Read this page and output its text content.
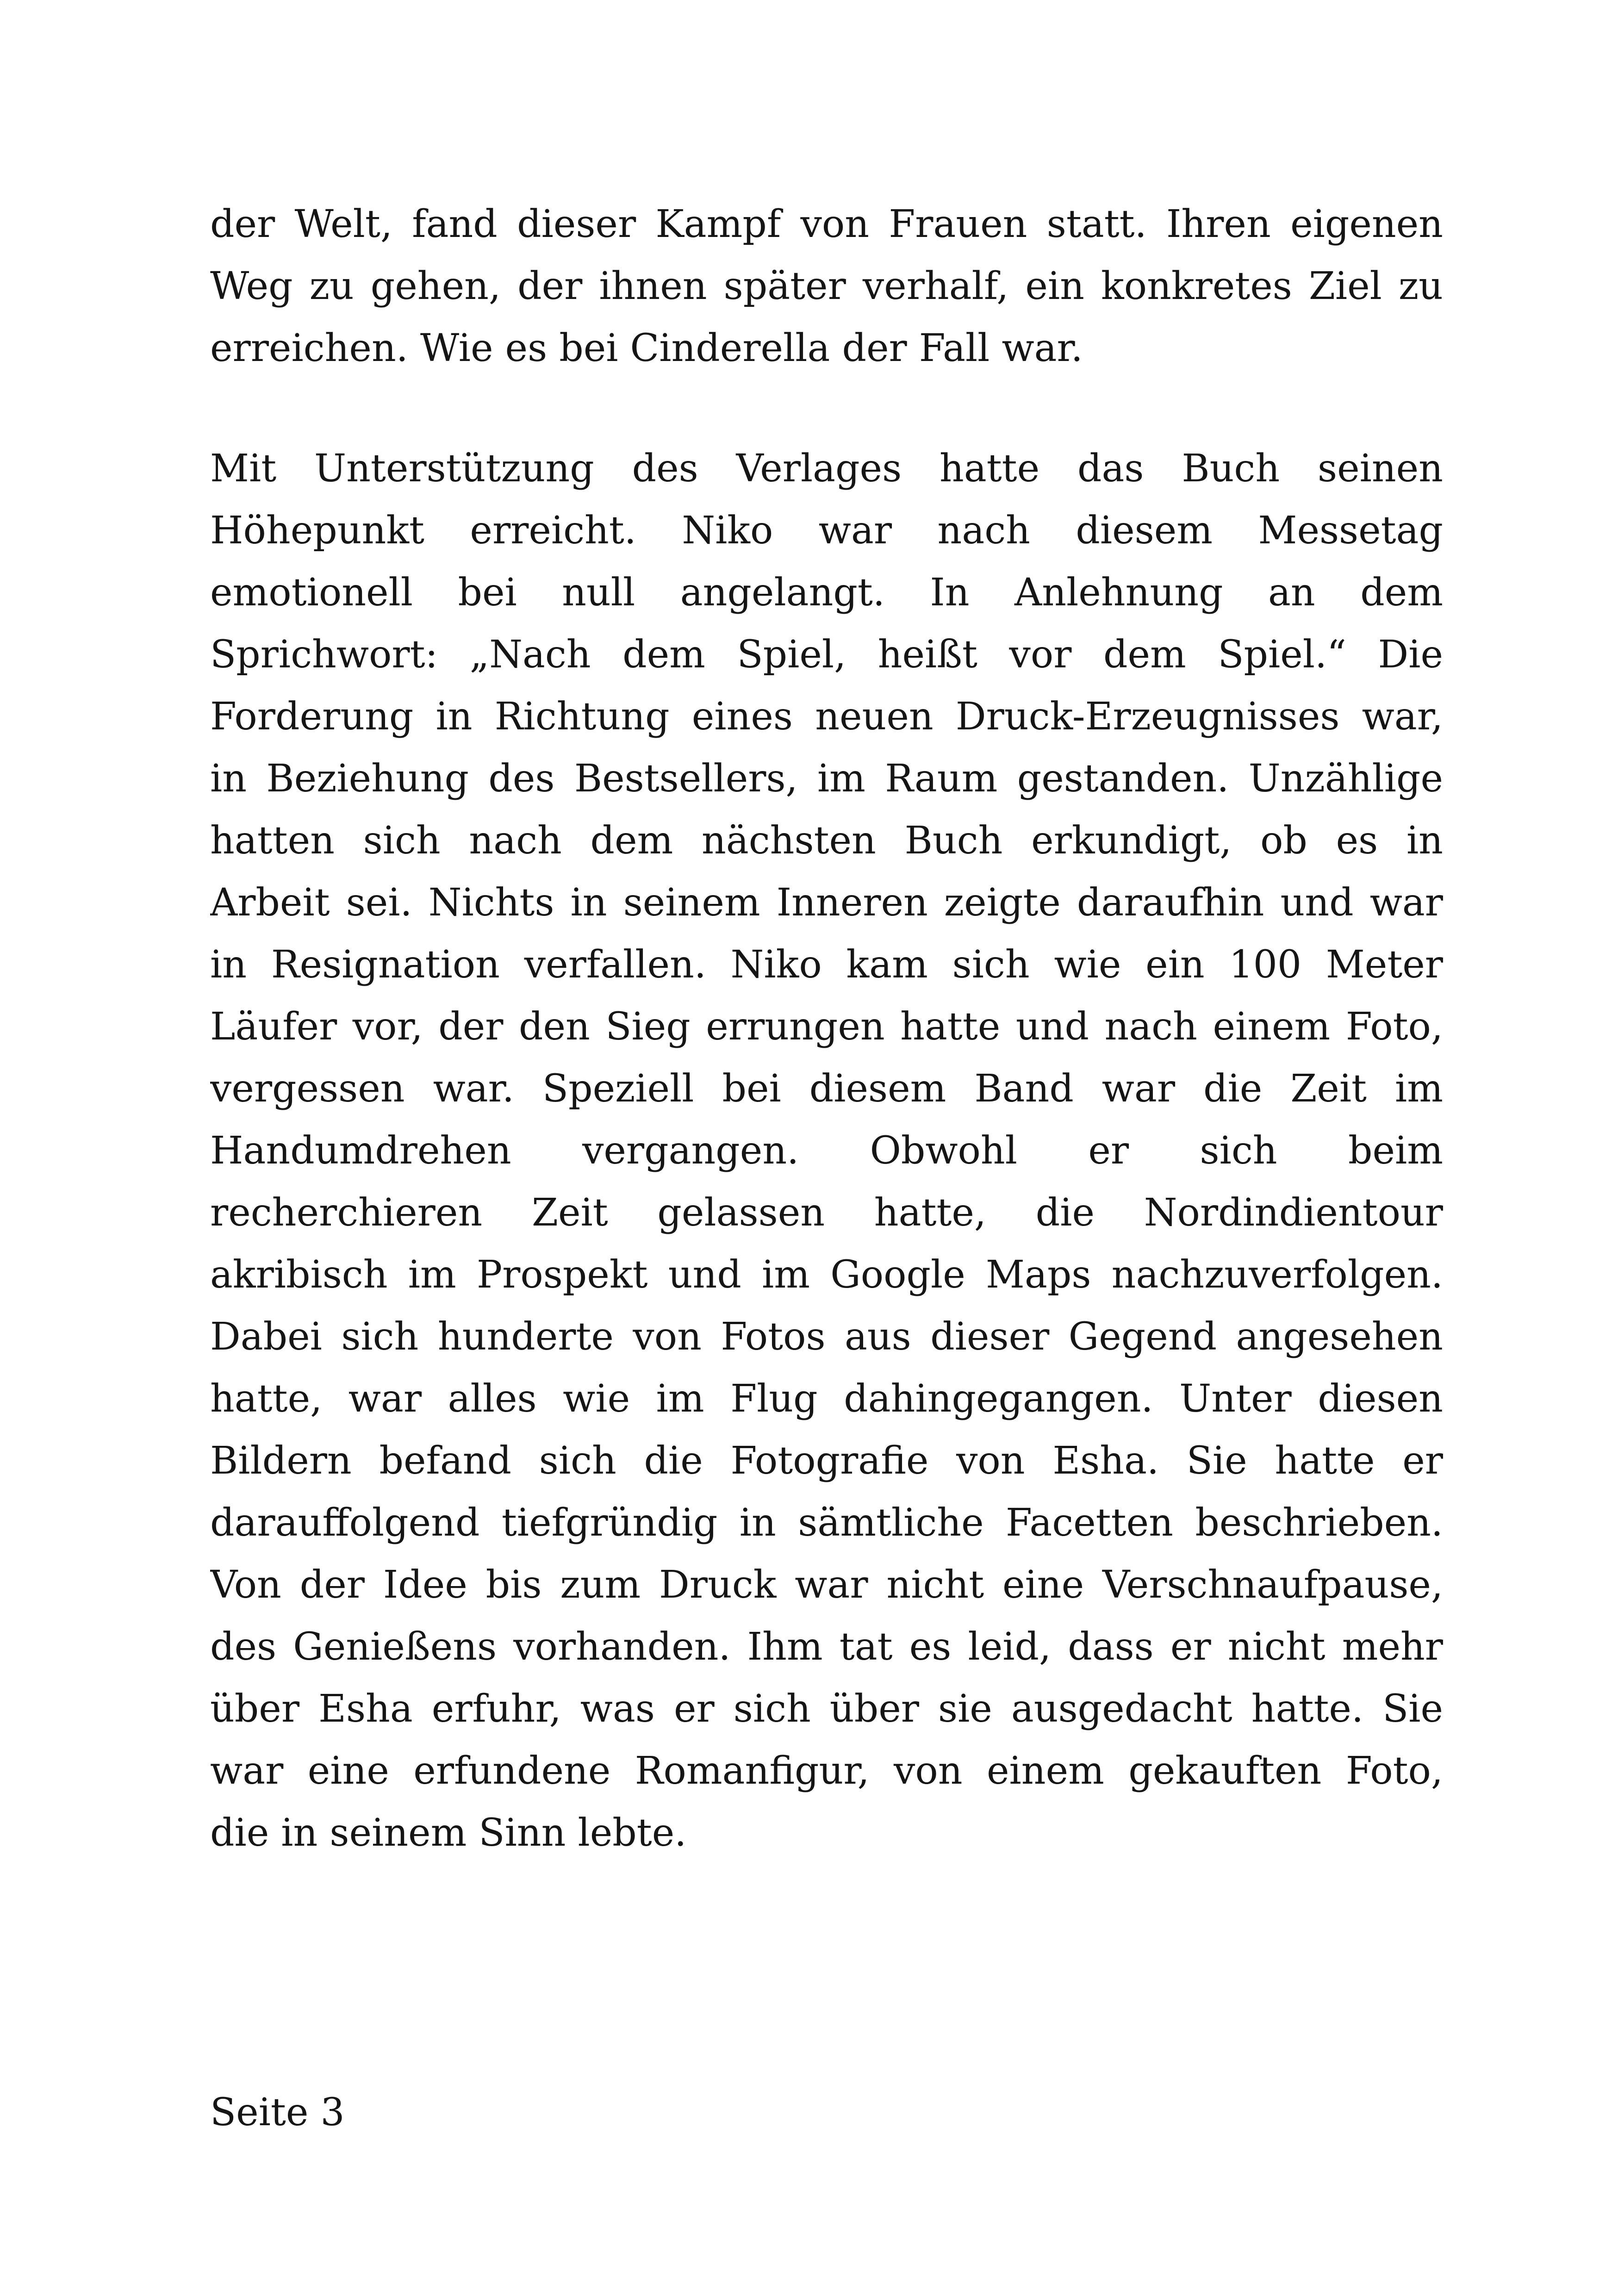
der Welt, fand dieser Kampf von Frauen statt. Ihren eigenen
Weg zu gehen, der ihnen später verhalf, ein konkretes Ziel zu
erreichen. Wie es bei Cinderella der Fall war.
Mit Unterstützung des Verlages hatte das Buch seinen
Höhepunkt erreicht. Niko war nach diesem Messetag
emotionell bei null angelangt. In Anlehnung an dem
Sprichwort: „Nach dem Spiel, heißt vor dem Spiel.“ Die
Forderung in Richtung eines neuen Druck-Erzeugnisses war,
in Beziehung des Bestsellers, im Raum gestanden. Unzählige
hatten sich nach dem nächsten Buch erkundigt, ob es in
Arbeit sei. Nichts in seinem Inneren zeigte daraufhin und war
in Resignation verfallen. Niko kam sich wie ein 100 Meter
Läufer vor, der den Sieg errungen hatte und nach einem Foto,
vergessen war. Speziell bei diesem Band war die Zeit im
Handumdrehen vergangen. Obwohl er sich beim
recherchieren Zeit gelassen hatte, die Nordindientour
akribisch im Prospekt und im Google Maps nachzuverfolgen.
Dabei sich hunderte von Fotos aus dieser Gegend angesehen
hatte, war alles wie im Flug dahingegangen. Unter diesen
Bildern befand sich die Fotografie von Esha. Sie hatte er
darauffolgend tiefgründig in sämtliche Facetten beschrieben.
Von der Idee bis zum Druck war nicht eine Verschnaufpause,
des Genießens vorhanden. Ihm tat es leid, dass er nicht mehr
über Esha erfuhr, was er sich über sie ausgedacht hatte. Sie
war eine erfundene Romanfigur, von einem gekauften Foto,
die in seinem Sinn lebte.
Seite 3
